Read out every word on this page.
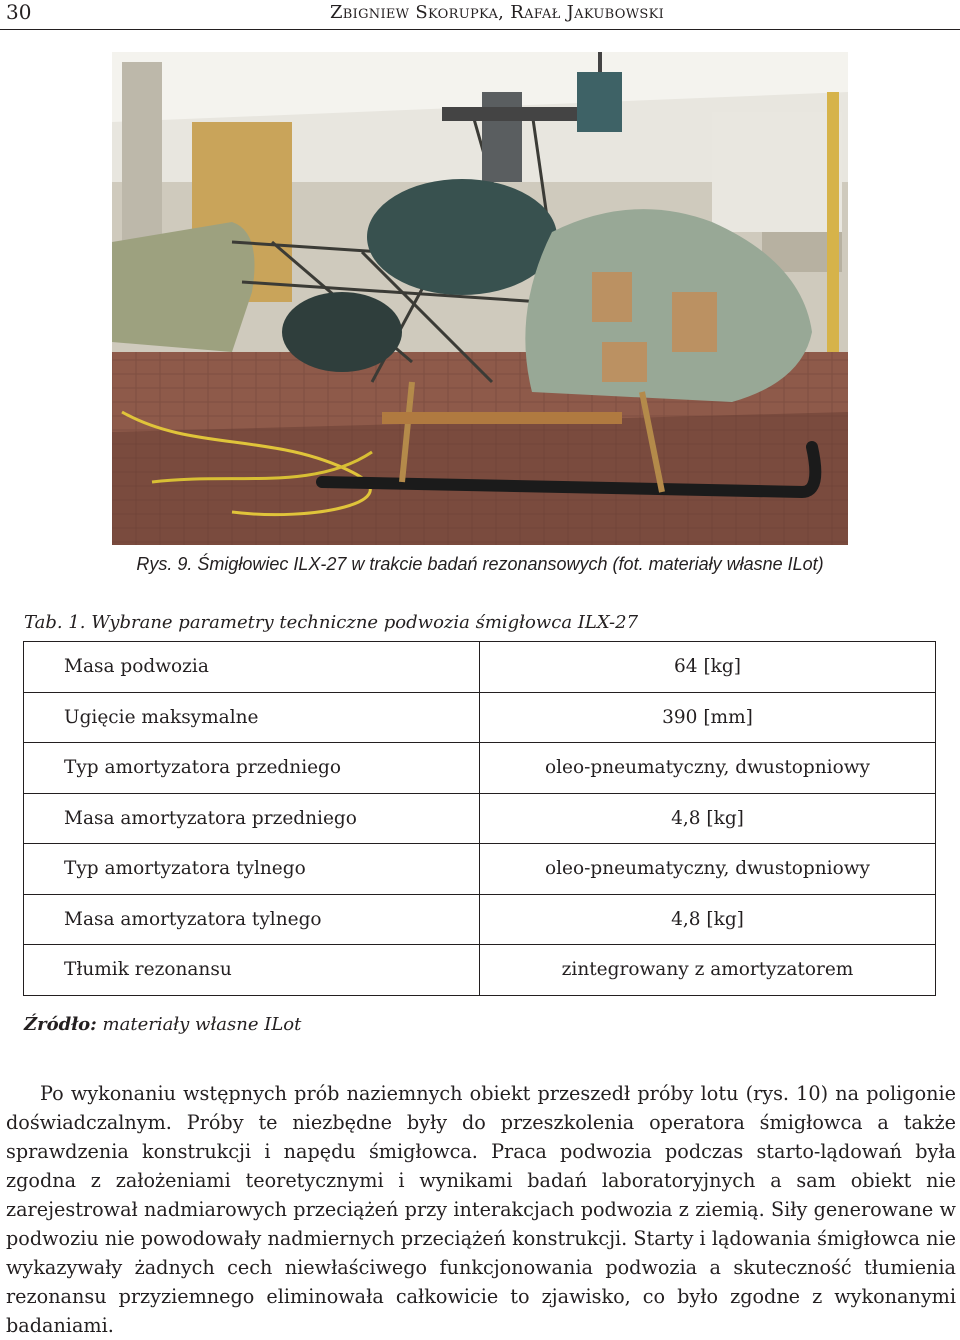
30	Zbigniew Skorupka, Rafał Jakubowski
Rys. 9. Śmigłowiec ILX-27 w trakcie badań rezonansowych (fot. materiały własne ILot)
Tab. 1. Wybrane parametry techniczne podwozia śmigłowca ILX-27
Masa podwozia	64 [kg]
Ugięcie maksymalne	390 [mm]
Typ amortyzatora przedniego	oleo-pneumatyczny, dwustopniowy
Masa amortyzatora przedniego	4,8 [kg]
Typ amortyzatora tylnego	oleo-pneumatyczny, dwustopniowy
Masa amortyzatora tylnego	4,8 [kg]
Tłumik rezonansu	zintegrowany z amortyzatorem
Źródło: materiały własne ILot

Po wykonaniu wstępnych prób naziemnych obiekt przeszedł próby lotu (rys. 10) na poligonie doświadczalnym. Próby te niezbędne były do przeszkolenia operatora śmigłowca a także sprawdzenia konstrukcji i napędu śmigłowca. Praca podwozia podczas starto-lądowań była zgodna z założeniami teoretycznymi i wynikami badań laboratoryjnych a sam obiekt nie zarejestrował nadmiarowych przeciążeń przy interakcjach podwozia z ziemią. Siły generowane w podwoziu nie powodowały nadmiernych przeciążeń konstrukcji. Starty i lądowania śmigłowca nie wykazywały żadnych cech niewłaściwego funkcjonowania podwozia a skuteczność tłumienia rezonansu przyziemnego eliminowała całkowicie to zjawisko, co było zgodne z wykonanymi badaniami.
